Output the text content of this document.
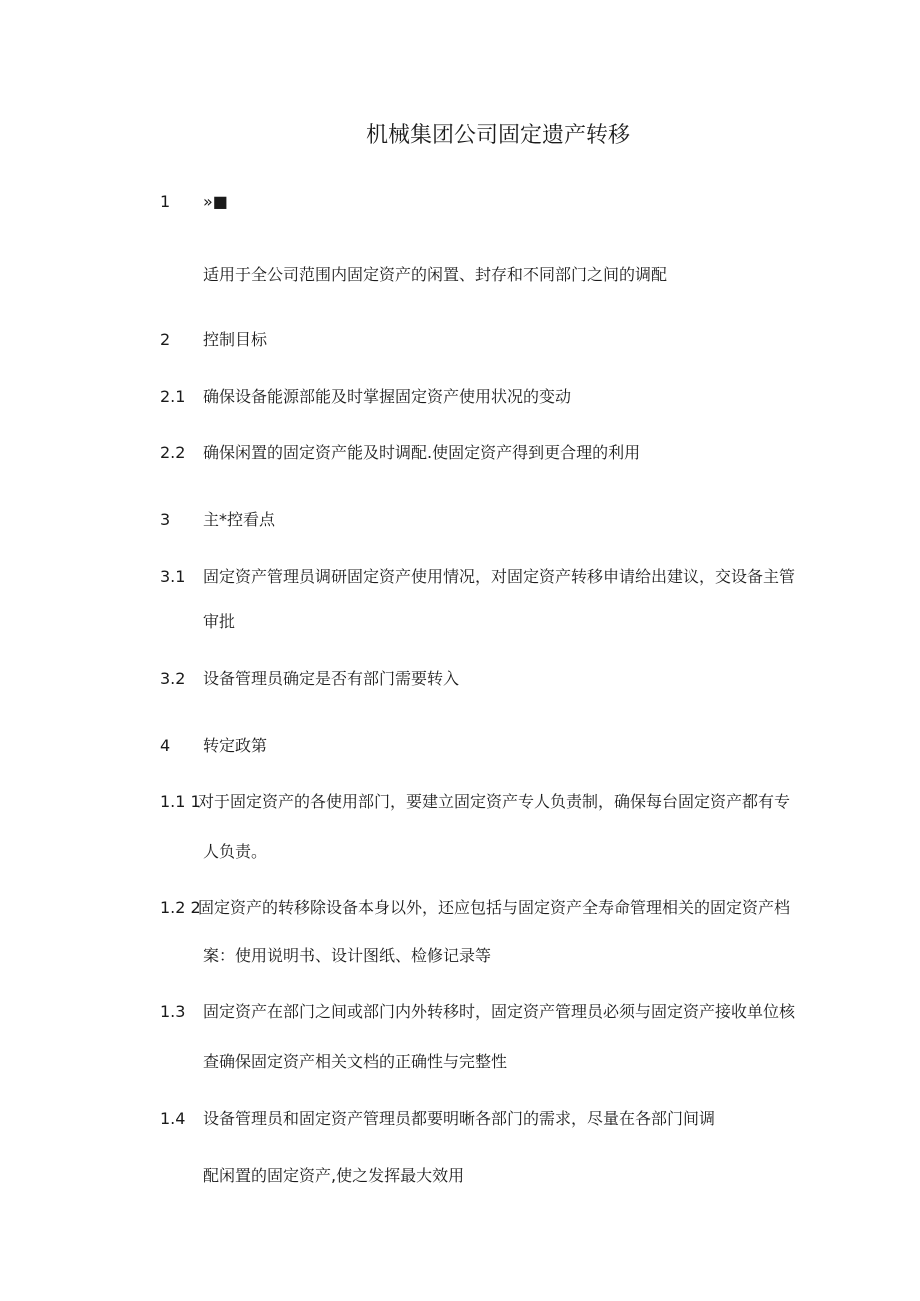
机械集团公司固定遗产转移
1 »■
适用于全公司范围内固定资产的闲置、封存和不同部门之间的调配
2 控制目标
2.1 确保设备能源部能及时掌握固定资产使用状况的变动
2.2 确保闲置的固定资产能及时调配.使固定资产得到更合理的利用
3 主*控看点
3.1 固定资产管理员调研固定资产使用情况，对固定资产转移申请给出建议，交设备主管
审批
3.2 设备管理员确定是否有部门需要转入
4 转定政第
1.1 1
对于固定资产的各使用部门，要建立固定资产专人负责制，确保每台固定资产都有专
人负责。
1.2 2
固定资产的转移除设备本身以外，还应包括与固定资产全寿命管理相关的固定资产档
案：使用说明书、设计图纸、检修记录等
1.3 固定资产在部门之间或部门内外转移时，固定资产管理员必须与固定资产接收单位核
查确保固定资产相关文档的正确性与完整性
1.4 设备管理员和固定资产管理员都要明晰各部门的需求，尽量在各部门间调
配闲置的固定资产,使之发挥最大效用
